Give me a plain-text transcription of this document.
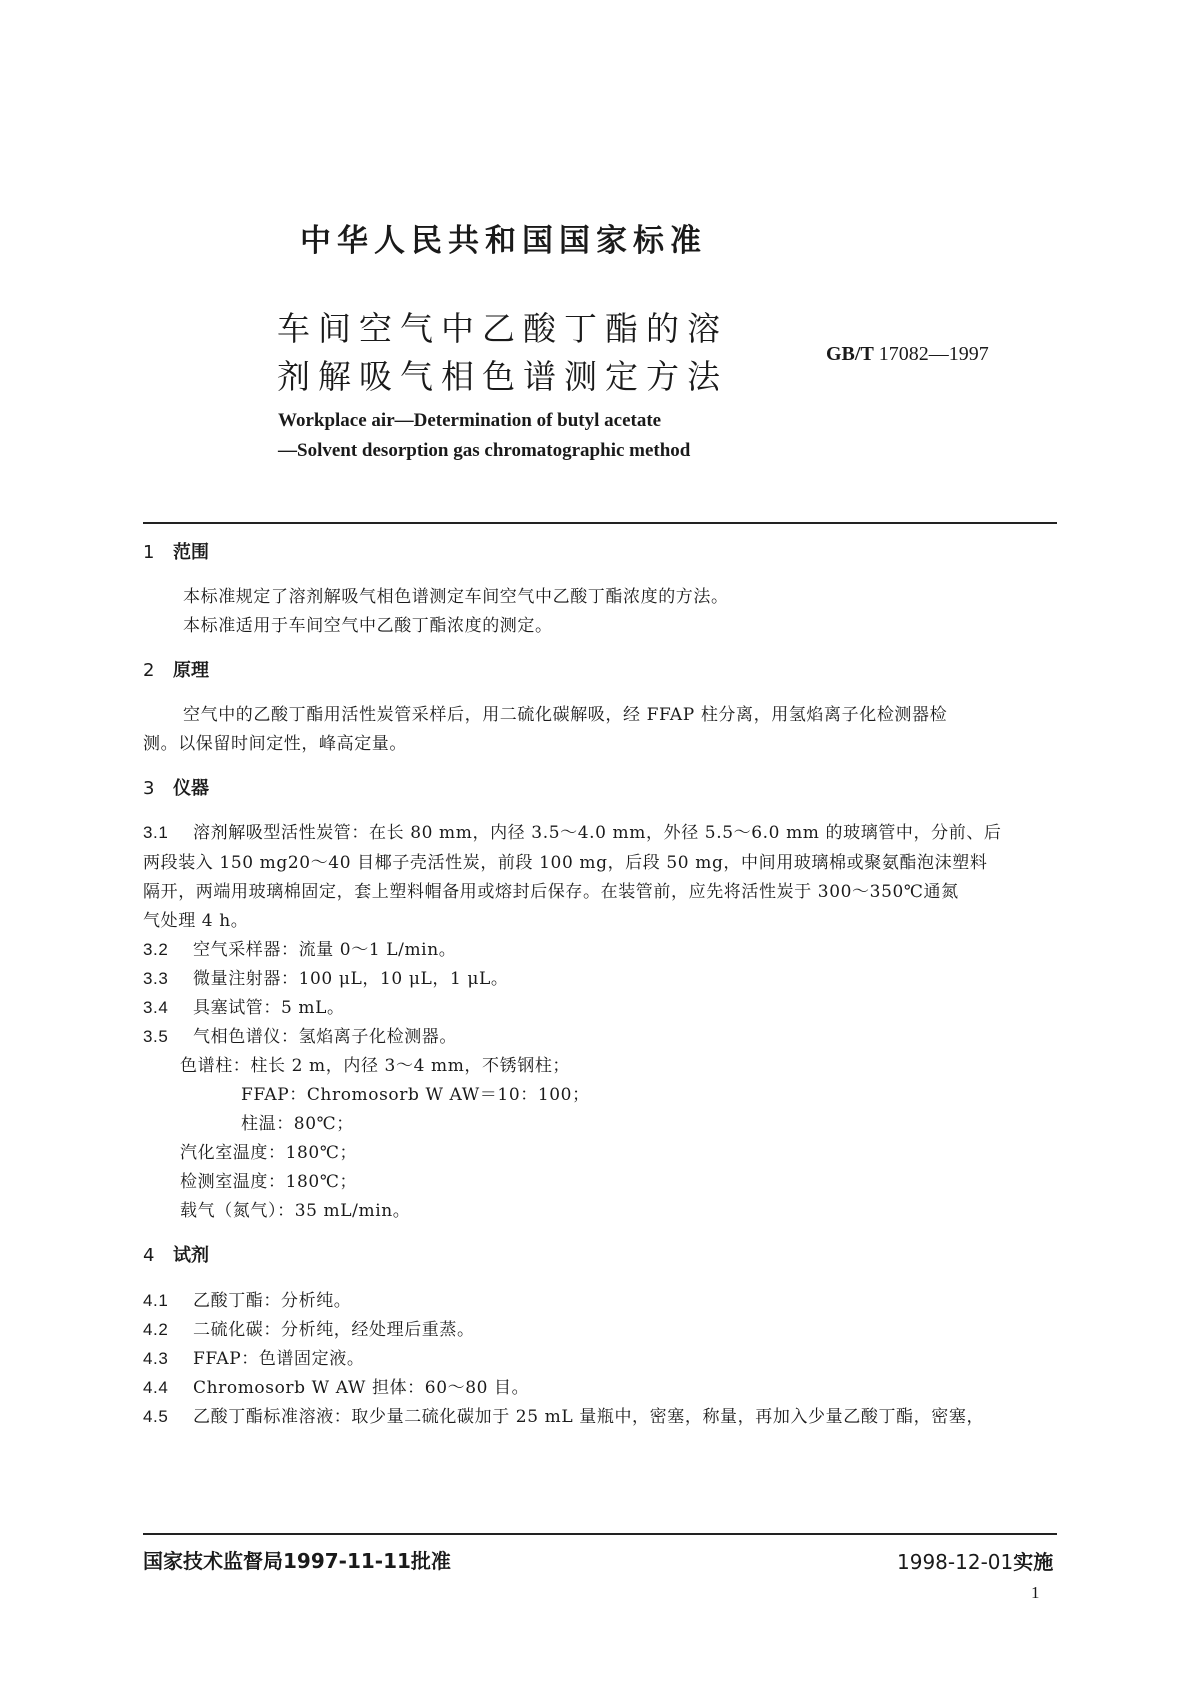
中华人民共和国国家标准
车间空气中乙酸丁酯的溶
剂解吸气相色谱测定方法
GB/T 17082—1997
Workplace air—Determination of butyl acetate
—Solvent desorption gas chromatographic method
1 范围
本标准规定了溶剂解吸气相色谱测定车间空气中乙酸丁酯浓度的方法。
本标准适用于车间空气中乙酸丁酯浓度的测定。
2 原理
空气中的乙酸丁酯用活性炭管采样后，用二硫化碳解吸，经 FFAP 柱分离，用氢焰离子化检测器检
测。以保留时间定性，峰高定量。
3 仪器
3.1 溶剂解吸型活性炭管：在长 80 mm，内径 3.5～4.0 mm，外径 5.5～6.0 mm 的玻璃管中，分前、后
两段装入 150 mg20～40 目椰子壳活性炭，前段 100 mg，后段 50 mg，中间用玻璃棉或聚氨酯泡沫塑料
隔开，两端用玻璃棉固定，套上塑料帽备用或熔封后保存。在装管前，应先将活性炭于 300～350℃通氮
气处理 4 h。
3.2 空气采样器：流量 0～1 L/min。
3.3 微量注射器：100 μL，10 μL，1 μL。
3.4 具塞试管：5 mL。
3.5 气相色谱仪：氢焰离子化检测器。
色谱柱：柱长 2 m，内径 3～4 mm，不锈钢柱；
FFAP：Chromosorb W AW＝10：100；
柱温：80℃；
汽化室温度：180℃；
检测室温度：180℃；
载气（氮气）：35 mL/min。
4 试剂
4.1 乙酸丁酯：分析纯。
4.2 二硫化碳：分析纯，经处理后重蒸。
4.3 FFAP：色谱固定液。
4.4 Chromosorb W AW 担体：60～80 目。
4.5 乙酸丁酯标准溶液：取少量二硫化碳加于 25 mL 量瓶中，密塞，称量，再加入少量乙酸丁酯，密塞，
国家技术监督局1997-11-11批准	1998-12-01实施
1
